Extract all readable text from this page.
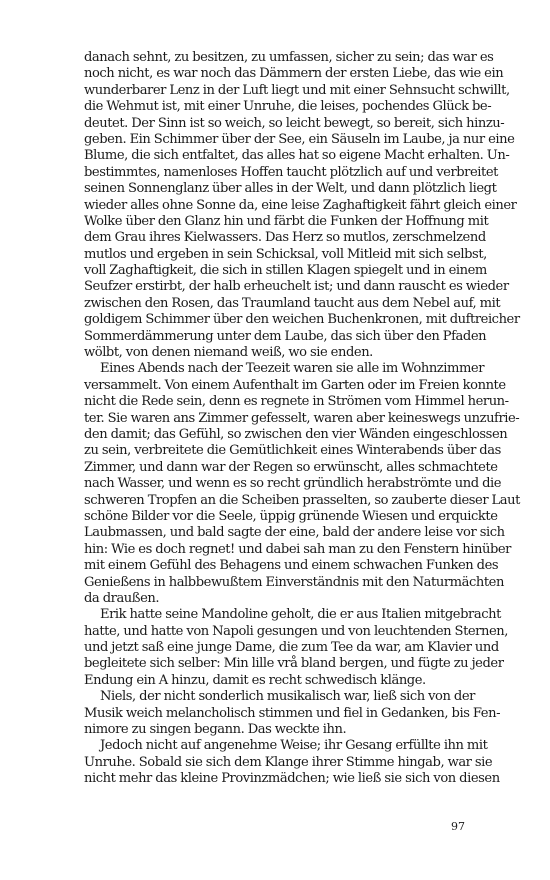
danach sehnt, zu besitzen, zu umfassen, sicher zu sein; das war es
noch nicht, es war noch das Dämmern der ersten Liebe, das wie ein
wunderbarer Lenz in der Luft liegt und mit einer Sehnsucht schwillt,
die Wehmut ist, mit einer Unruhe, die leises, pochendes Glück be-
deutet. Der Sinn ist so weich, so leicht bewegt, so bereit, sich hinzu-
geben. Ein Schimmer über der See, ein Säuseln im Laube, ja nur eine
Blume, die sich entfaltet, das alles hat so eigene Macht erhalten. Un-
bestimmtes, namenloses Hoffen taucht plötzlich auf und verbreitet
seinen Sonnenglanz über alles in der Welt, und dann plötzlich liegt
wieder alles ohne Sonne da, eine leise Zaghaftigkeit fährt gleich einer
Wolke über den Glanz hin und färbt die Funken der Hoffnung mit
dem Grau ihres Kielwassers. Das Herz so mutlos, zerschmelzend
mutlos und ergeben in sein Schicksal, voll Mitleid mit sich selbst,
voll Zaghaftigkeit, die sich in stillen Klagen spiegelt und in einem
Seufzer erstirbt, der halb erheuchelt ist; und dann rauscht es wieder
zwischen den Rosen, das Traumland taucht aus dem Nebel auf, mit
goldigem Schimmer über den weichen Buchenkronen, mit duftreicher
Sommerdämmerung unter dem Laube, das sich über den Pfaden
wölbt, von denen niemand weiß, wo sie enden.
Eines Abends nach der Teezeit waren sie alle im Wohnzimmer
versammelt. Von einem Aufenthalt im Garten oder im Freien konnte
nicht die Rede sein, denn es regnete in Strömen vom Himmel herun-
ter. Sie waren ans Zimmer gefesselt, waren aber keineswegs unzufrie-
den damit; das Gefühl, so zwischen den vier Wänden eingeschlossen
zu sein, verbreitete die Gemütlichkeit eines Winterabends über das
Zimmer, und dann war der Regen so erwünscht, alles schmachtete
nach Wasser, und wenn es so recht gründlich herabströmte und die
schweren Tropfen an die Scheiben prasselten, so zauberte dieser Laut
schöne Bilder vor die Seele, üppig grünende Wiesen und erquickte
Laubmassen, und bald sagte der eine, bald der andere leise vor sich
hin: Wie es doch regnet! und dabei sah man zu den Fenstern hinüber
mit einem Gefühl des Behagens und einem schwachen Funken des
Genießens in halbbewußtem Einverständnis mit den Naturmächten
da draußen.
Erik hatte seine Mandoline geholt, die er aus Italien mitgebracht
hatte, und hatte von Napoli gesungen und von leuchtenden Sternen,
und jetzt saß eine junge Dame, die zum Tee da war, am Klavier und
begleitete sich selber: Min lille vrå bland bergen, und fügte zu jeder
Endung ein A hinzu, damit es recht schwedisch klänge.
Niels, der nicht sonderlich musikalisch war, ließ sich von der
Musik weich melancholisch stimmen und fiel in Gedanken, bis Fen-
nimore zu singen begann. Das weckte ihn.
Jedoch nicht auf angenehme Weise; ihr Gesang erfüllte ihn mit
Unruhe. Sobald sie sich dem Klange ihrer Stimme hingab, war sie
nicht mehr das kleine Provinzmädchen; wie ließ sie sich von diesen
97
